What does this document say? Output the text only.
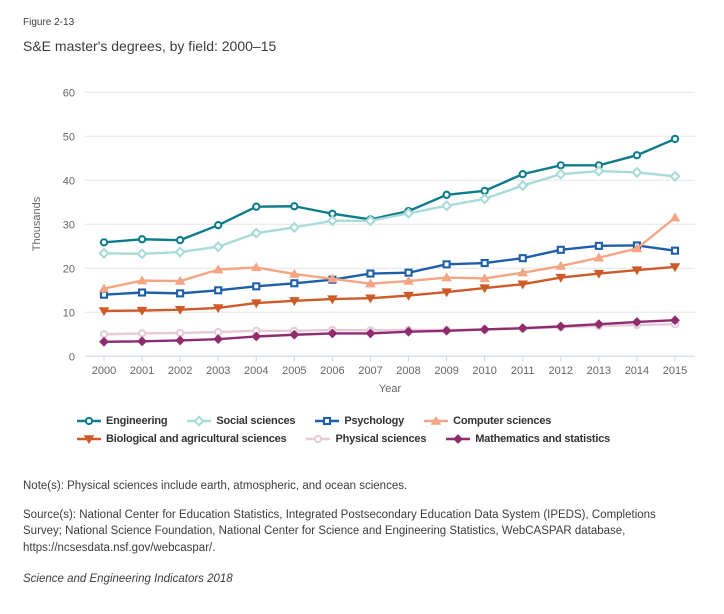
Figure 2-13
S&E master's degrees, by field: 2000–15
0
10
20
30
40
50
60
2000 2001 2002 2003 2004 2005 2006 2007 2008 2009 2010 2011 2012 2013 2014 2015
Year
Thousands
Engineering	Social sciences	Psychology	Computer sciences
Biological and agricultural sciences	Physical sciences	Mathematics and statistics

Note(s): Physical sciences include earth, atmospheric, and ocean sciences.

Source(s): National Center for Education Statistics, Integrated Postsecondary Education Data System (IPEDS), Completions Survey; National Science Foundation, National Center for Science and Engineering Statistics, WebCASPAR database, https://ncsesdata.nsf.gov/webcaspar/.

Science and Engineering Indicators 2018
